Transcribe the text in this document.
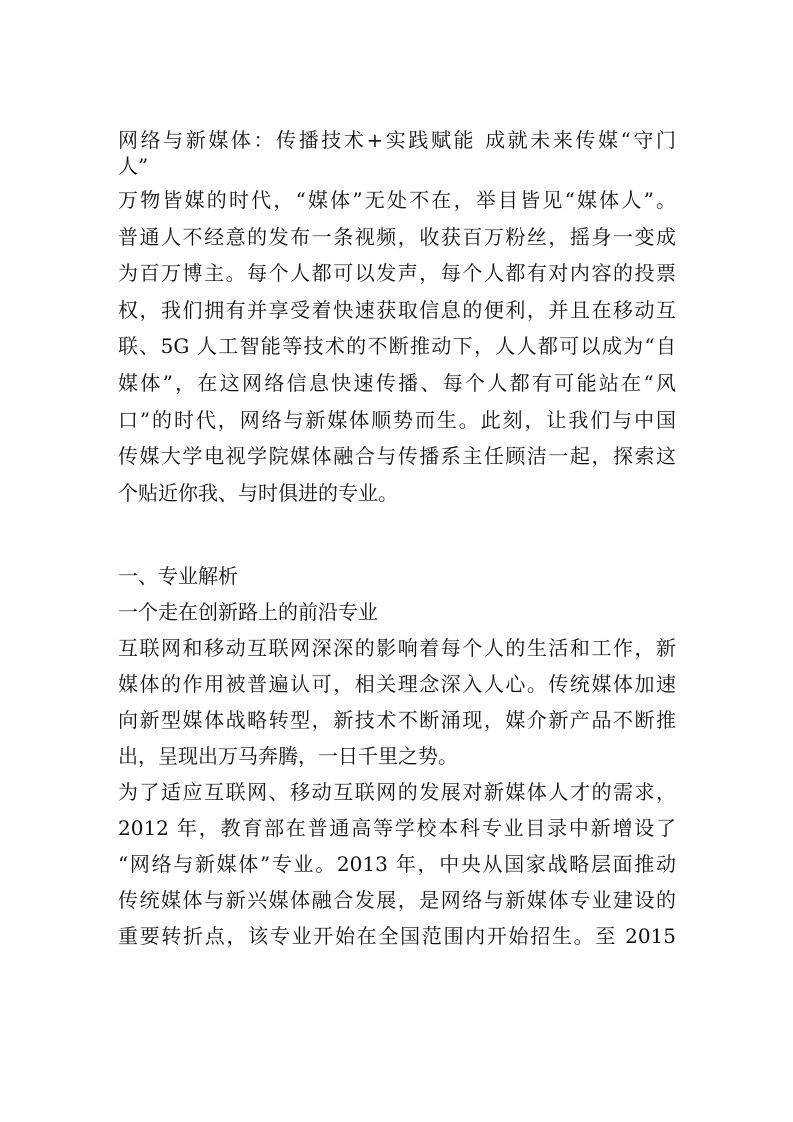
网络与新媒体：传播技术+实践赋能 成就未来传媒“守门
人”
万物皆媒的时代，“媒体”无处不在，举目皆见“媒体人”。
普通人不经意的发布一条视频，收获百万粉丝，摇身一变成
为百万博主。每个人都可以发声，每个人都有对内容的投票
权，我们拥有并享受着快速获取信息的便利，并且在移动互
联、5G 人工智能等技术的不断推动下，人人都可以成为“自
媒体”，在这网络信息快速传播、每个人都有可能站在“风
口”的时代，网络与新媒体顺势而生。此刻，让我们与中国
传媒大学电视学院媒体融合与传播系主任顾洁一起，探索这
个贴近你我、与时俱进的专业。
一、专业解析
一个走在创新路上的前沿专业
互联网和移动互联网深深的影响着每个人的生活和工作，新
媒体的作用被普遍认可，相关理念深入人心。传统媒体加速
向新型媒体战略转型，新技术不断涌现，媒介新产品不断推
出，呈现出万马奔腾，一日千里之势。
为了适应互联网、移动互联网的发展对新媒体人才的需求，
2012 年，教育部在普通高等学校本科专业目录中新增设了
“网络与新媒体”专业。2013 年，中央从国家战略层面推动
传统媒体与新兴媒体融合发展，是网络与新媒体专业建设的
重要转折点，该专业开始在全国范围内开始招生。至 2015
